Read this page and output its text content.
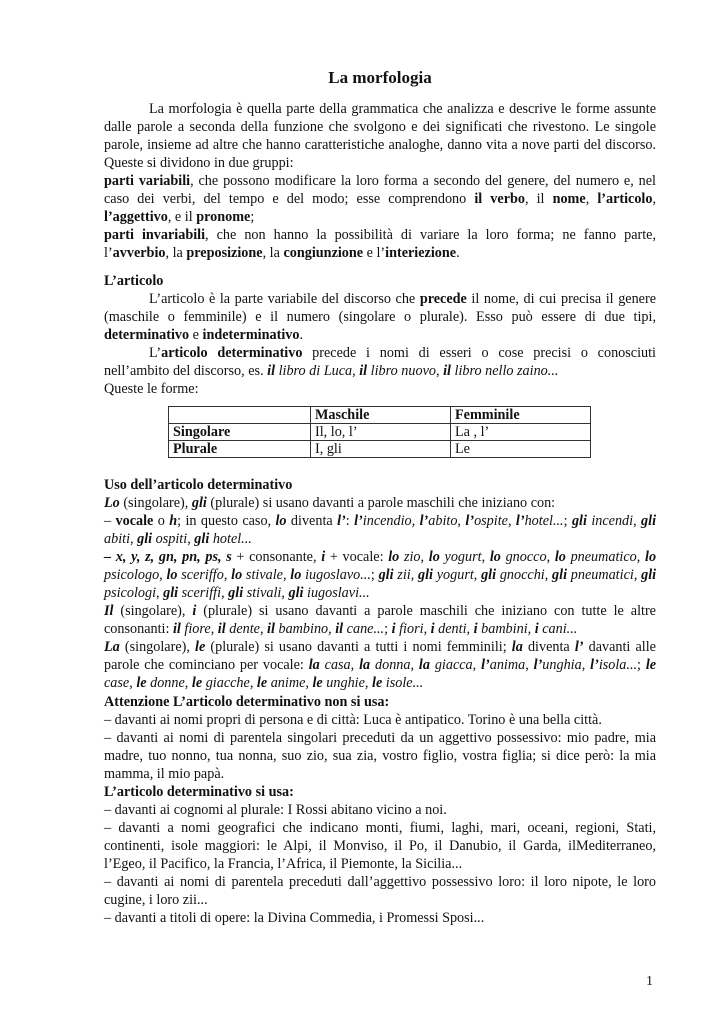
La morfologia

La morfologia è quella parte della grammatica che analizza e descrive le forme assunte dalle parole a seconda della funzione che svolgono e dei significati che rivestono. Le singole parole, insieme ad altre che hanno caratteristiche analoghe, danno vita a nove parti del discorso. Queste si dividono in due gruppi:

parti variabili, che possono modificare la loro forma a secondo del genere, del numero e, nel caso dei verbi, del tempo e del modo; esse comprendono il verbo, il nome, l’articolo, l’aggettivo, e il pronome;

parti invariabili, che non hanno la possibilità di variare la loro forma; ne fanno parte, l’avverbio, la preposizione, la congiunzione e l’interiezione.

L’articolo

L’articolo è la parte variabile del discorso che precede il nome, di cui precisa il genere (maschile o femminile) e il numero (singolare o plurale). Esso può essere di due tipi, determinativo e indeterminativo.

L’articolo determinativo precede i nomi di esseri o cose precisi o conosciuti nell’ambito del discorso, es. il libro di Luca, il libro nuovo, il libro nello zaino...

Queste le forme:

	Maschile	Femminile
Singolare	Il, lo, l’	La , l’
Plurale	I, gli	Le

Uso dell’articolo determinativo

Lo (singolare), gli (plurale) si usano davanti a parole maschili che iniziano con:

– vocale o h; in questo caso, lo diventa l’: l’incendio, l’abito, l’ospite, l’hotel...; gli incendi, gli abiti, gli ospiti, gli hotel...

– x, y, z, gn, pn, ps, s + consonante, i + vocale: lo zio, lo yogurt, lo gnocco, lo pneumatico, lo psicologo, lo sceriffo, lo stivale, lo iugoslavo...; gli zii, gli yogurt, gli gnocchi, gli pneumatici, gli psicologi, gli sceriffi, gli stivali, gli iugoslavi...

Il (singolare), i (plurale) si usano davanti a parole maschili che iniziano con tutte le altre consonanti: il fiore, il dente, il bambino, il cane...; i fiori, i denti, i bambini, i cani...

La (singolare), le (plurale) si usano davanti a tutti i nomi femminili; la diventa l’ davanti alle parole che cominciano per vocale: la casa, la donna, la giacca, l’anima, l’unghia, l’isola...; le case, le donne, le giacche, le anime, le unghie, le isole...

Attenzione L’articolo determinativo non si usa:

– davanti ai nomi propri di persona e di città: Luca è antipatico. Torino è una bella città.

– davanti ai nomi di parentela singolari preceduti da un aggettivo possessivo: mio padre, mia madre, tuo nonno, tua nonna, suo zio, sua zia, vostro figlio, vostra figlia; si dice però: la mia mamma, il mio papà.

L’articolo determinativo si usa:

– davanti ai cognomi al plurale: I Rossi abitano vicino a noi.

– davanti a nomi geografici che indicano monti, fiumi, laghi, mari, oceani, regioni, Stati, continenti, isole maggiori: le Alpi, il Monviso, il Po, il Danubio, il Garda, ilMediterraneo, l’Egeo, il Pacifico, la Francia, l’Africa, il Piemonte, la Sicilia...

– davanti ai nomi di parentela preceduti dall’aggettivo possessivo loro: il loro nipote, le loro cugine, i loro zii...

– davanti a titoli di opere: la Divina Commedia, i Promessi Sposi...

1
